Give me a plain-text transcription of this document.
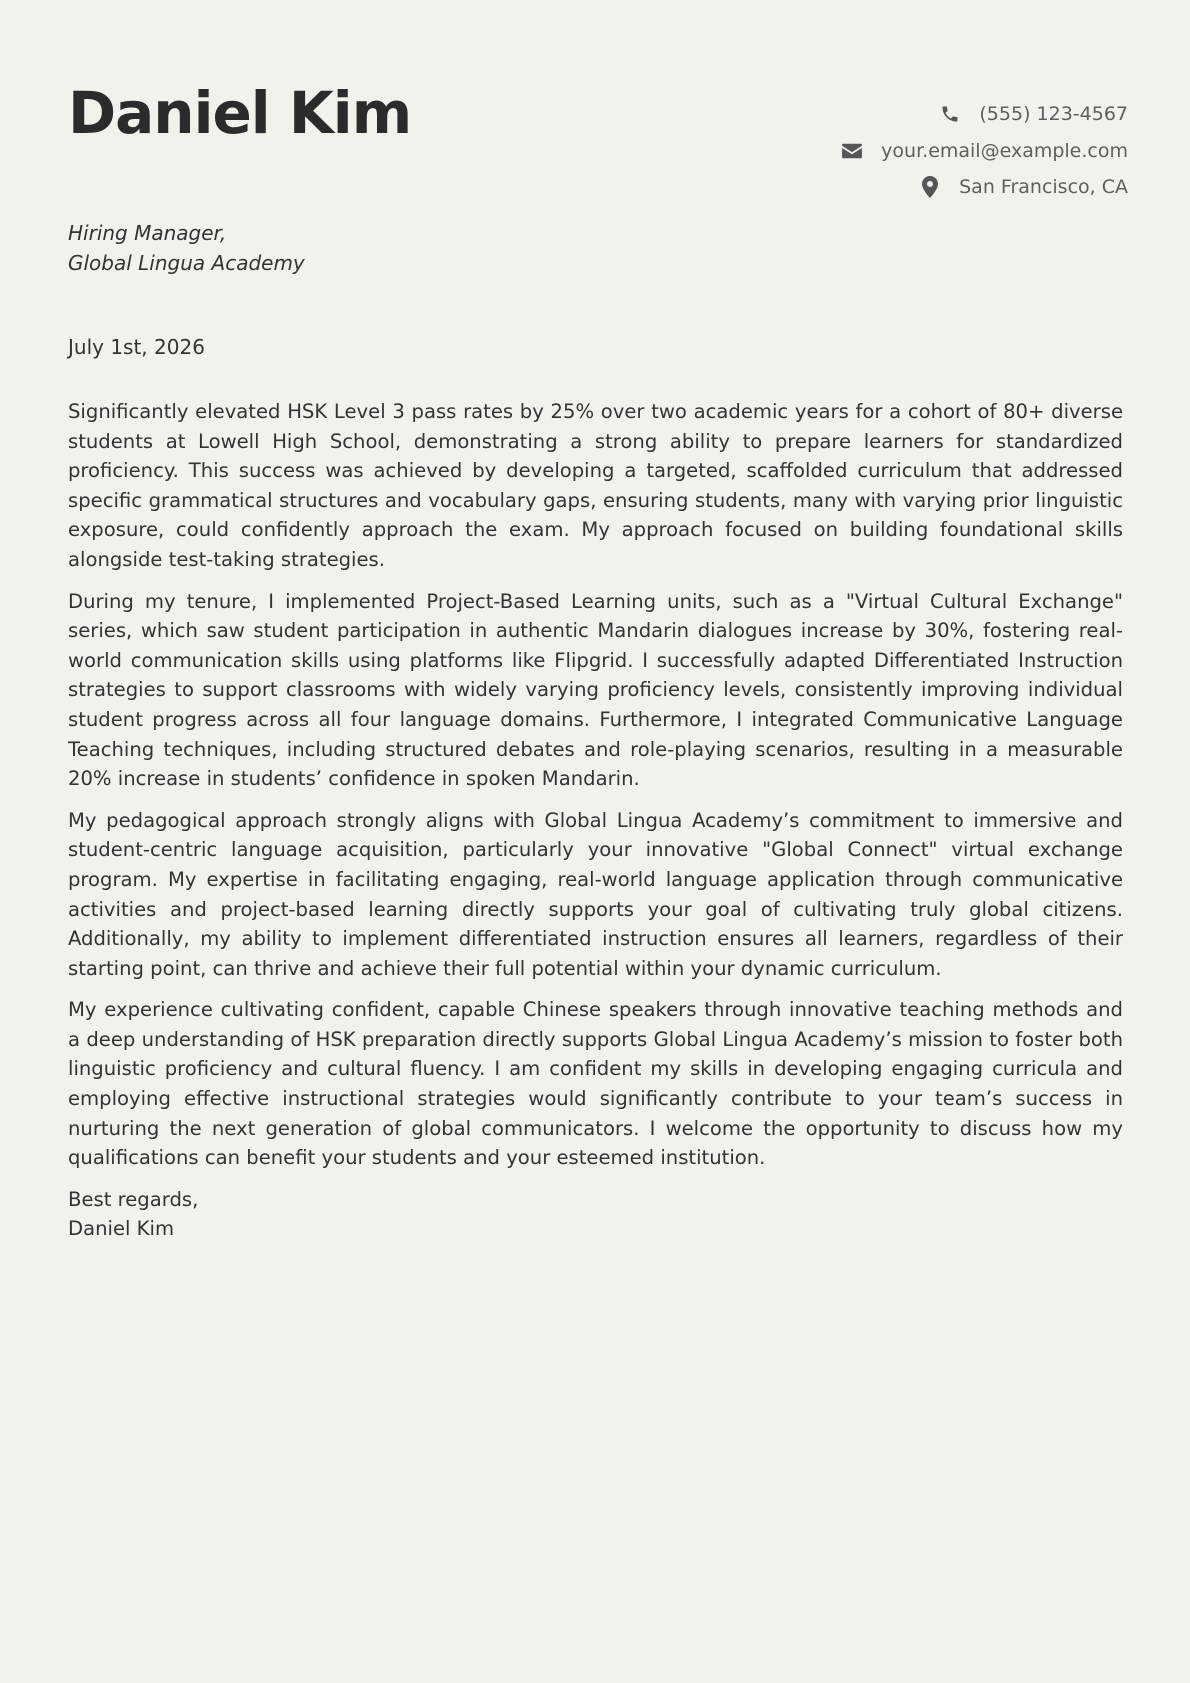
Daniel Kim	(555) 123-4567
your.email@example.com
San Francisco, CA
Hiring Manager,
Global Lingua Academy
July 1st, 2026

Significantly elevated HSK Level 3 pass rates by 25% over two academic years for a cohort of 80+ diverse students at Lowell High School, demonstrating a strong ability to prepare learners for standardized proficiency. This success was achieved by developing a targeted, scaffolded curriculum that addressed specific grammatical structures and vocabulary gaps, ensuring students, many with varying prior linguistic exposure, could confidently approach the exam. My approach focused on building foundational skills alongside test-taking strategies.

During my tenure, I implemented Project-Based Learning units, such as a "Virtual Cultural Exchange" series, which saw student participation in authentic Mandarin dialogues increase by 30%, fostering real-world communication skills using platforms like Flipgrid. I successfully adapted Differentiated Instruction strategies to support classrooms with widely varying proficiency levels, consistently improving individual student progress across all four language domains. Furthermore, I integrated Communicative Language Teaching techniques, including structured debates and role-playing scenarios, resulting in a measurable 20% increase in students’ confidence in spoken Mandarin.

My pedagogical approach strongly aligns with Global Lingua Academy’s commitment to immersive and student-centric language acquisition, particularly your innovative "Global Connect" virtual exchange program. My expertise in facilitating engaging, real-world language application through communicative activities and project-based learning directly supports your goal of cultivating truly global citizens. Additionally, my ability to implement differentiated instruction ensures all learners, regardless of their starting point, can thrive and achieve their full potential within your dynamic curriculum.

My experience cultivating confident, capable Chinese speakers through innovative teaching methods and a deep understanding of HSK preparation directly supports Global Lingua Academy’s mission to foster both linguistic proficiency and cultural fluency. I am confident my skills in developing engaging curricula and employing effective instructional strategies would significantly contribute to your team’s success in nurturing the next generation of global communicators. I welcome the opportunity to discuss how my qualifications can benefit your students and your esteemed institution.

Best regards,
Daniel Kim
